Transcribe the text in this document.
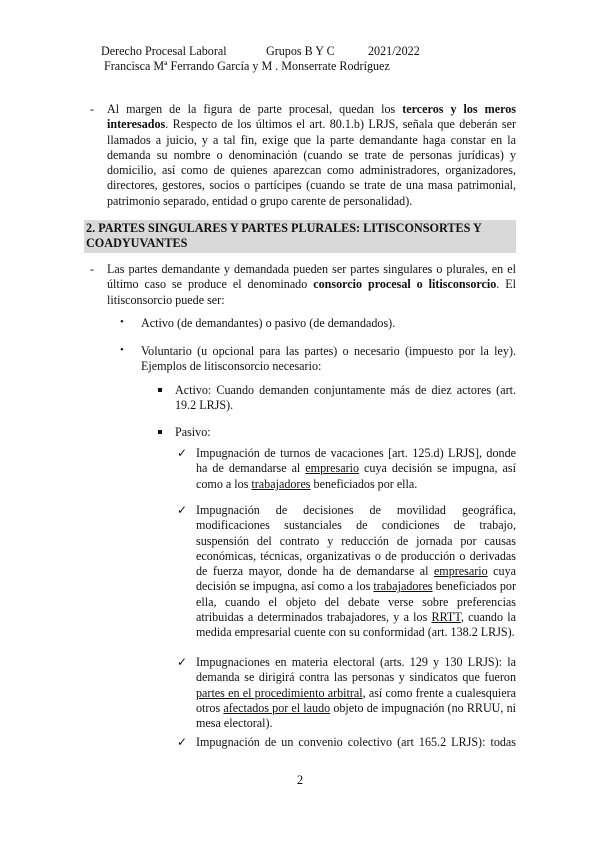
Derecho Procesal Laboral	Grupos B Y C	2021/2022
Francisca Mª Ferrando García y M . Monserrate Rodríguez
- Al margen de la figura de parte procesal, quedan los terceros y los meros interesados. Respecto de los últimos el art. 80.1.b) LRJS, señala que deberán ser llamados a juicio, y a tal fin, exige que la parte demandante haga constar en la demanda su nombre o denominación (cuando se trate de personas jurídicas) y domicilio, así como de quienes aparezcan como administradores, organizadores, directores, gestores, socios o partícipes (cuando se trate de una masa patrimonial, patrimonio separado, entidad o grupo carente de personalidad).

2. PARTES SINGULARES Y PARTES PLURALES: LITISCONSORTES Y COADYUVANTES
- Las partes demandante y demandada pueden ser partes singulares o plurales, en el último caso se produce el denominado consorcio procesal o litisconsorcio. El litisconsorcio puede ser:

• Activo (de demandantes) o pasivo (de demandados).
• Voluntario (u opcional para las partes) o necesario (impuesto por la ley). Ejemplos de litisconsorcio necesario:

Activo: Cuando demanden conjuntamente más de diez actores (art. 19.2 LRJS).

Pasivo:
✓ Impugnación de turnos de vacaciones [art. 125.d) LRJS], donde ha de demandarse al empresario cuya decisión se impugna, así como a los trabajadores beneficiados por ella.

✓ Impugnación de decisiones de movilidad geográfica, modificaciones sustanciales de condiciones de trabajo, suspensión del contrato y reducción de jornada por causas económicas, técnicas, organizativas o de producción o derivadas de fuerza mayor, donde ha de demandarse al empresario cuya decisión se impugna, así como a los trabajadores beneficiados por ella, cuando el objeto del debate verse sobre preferencias atribuidas a determinados trabajadores, y a los RRTT, cuando la medida empresarial cuente con su conformidad (art. 138.2 LRJS).

✓ Impugnaciones en materia electoral (arts. 129 y 130 LRJS): la demanda se dirigirá contra las personas y sindicatos que fueron partes en el procedimiento arbitral, así como frente a cualesquiera otros afectados por el laudo objeto de impugnación (no RRUU, ni mesa electoral).

✓ Impugnación de un convenio colectivo (art 165.2 LRJS): todas

2
